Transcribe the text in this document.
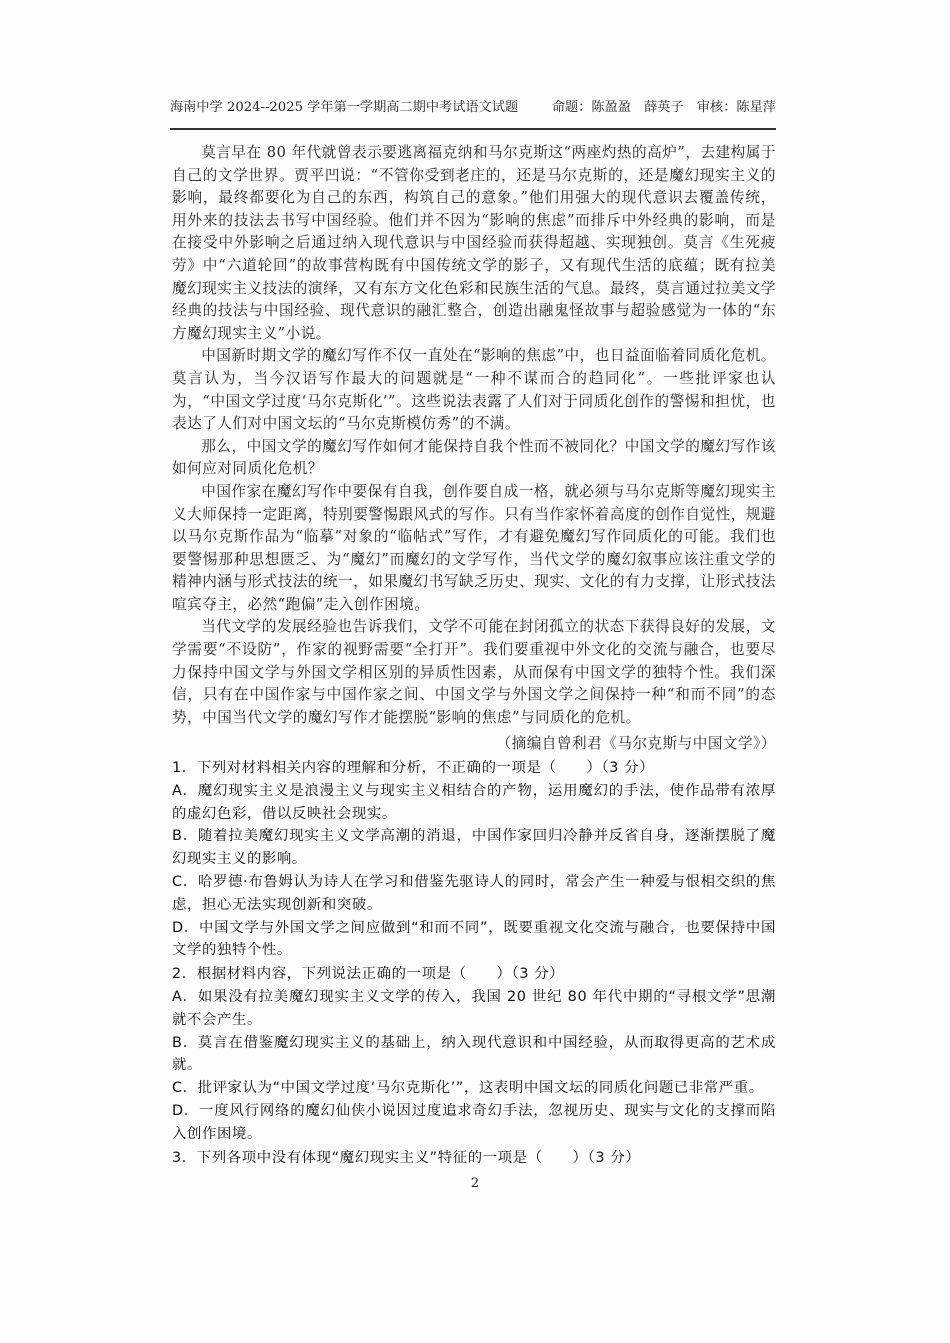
海南中学 2024--2025 学年第一学期高二期中考试语文试题	命题：陈盈盈　薛英子　审核：陈星萍

莫言早在 80 年代就曾表示要逃离福克纳和马尔克斯这“两座灼热的高炉”，去建构属于自己的文学世界。贾平凹说：“不管你受到老庄的，还是马尔克斯的，还是魔幻现实主义的影响，最终都要化为自己的东西，构筑自己的意象。”他们用强大的现代意识去覆盖传统，用外来的技法去书写中国经验。他们并不因为“影响的焦虑”而排斥中外经典的影响，而是在接受中外影响之后通过纳入现代意识与中国经验而获得超越、实现独创。莫言《生死疲劳》中“六道轮回”的故事营构既有中国传统文学的影子，又有现代生活的底蕴；既有拉美魔幻现实主义技法的演绎，又有东方文化色彩和民族生活的气息。最终，莫言通过拉美文学经典的技法与中国经验、现代意识的融汇整合，创造出融鬼怪故事与超验感觉为一体的“东方魔幻现实主义”小说。

中国新时期文学的魔幻写作不仅一直处在“影响的焦虑”中，也日益面临着同质化危机。莫言认为，当今汉语写作最大的问题就是“一种不谋而合的趋同化”。一些批评家也认为，“中国文学过度‘马尔克斯化’”。这些说法表露了人们对于同质化创作的警惕和担忧，也表达了人们对中国文坛的“马尔克斯模仿秀”的不满。

那么，中国文学的魔幻写作如何才能保持自我个性而不被同化？中国文学的魔幻写作该如何应对同质化危机？

中国作家在魔幻写作中要保有自我，创作要自成一格，就必须与马尔克斯等魔幻现实主义大师保持一定距离，特别要警惕跟风式的写作。只有当作家怀着高度的创作自觉性，规避以马尔克斯作品为“临摹”对象的“临帖式”写作，才有避免魔幻写作同质化的可能。我们也要警惕那种思想匮乏、为“魔幻”而魔幻的文学写作，当代文学的魔幻叙事应该注重文学的精神内涵与形式技法的统一，如果魔幻书写缺乏历史、现实、文化的有力支撑，让形式技法喧宾夺主，必然“跑偏”走入创作困境。

当代文学的发展经验也告诉我们，文学不可能在封闭孤立的状态下获得良好的发展，文学需要“不设防”，作家的视野需要“全打开”。我们要重视中外文化的交流与融合，也要尽力保持中国文学与外国文学相区别的异质性因素，从而保有中国文学的独特个性。我们深信，只有在中国作家与中国作家之间、中国文学与外国文学之间保持一种“和而不同”的态势，中国当代文学的魔幻写作才能摆脱“影响的焦虑”与同质化的危机。

（摘编自曾利君《马尔克斯与中国文学》）

1．下列对材料相关内容的理解和分析，不正确的一项是（　　）（3 分）

A．魔幻现实主义是浪漫主义与现实主义相结合的产物，运用魔幻的手法，使作品带有浓厚的虚幻色彩，借以反映社会现实。

B．随着拉美魔幻现实主义文学高潮的消退，中国作家回归冷静并反省自身，逐渐摆脱了魔幻现实主义的影响。

C．哈罗德·布鲁姆认为诗人在学习和借鉴先驱诗人的同时，常会产生一种爱与恨相交织的焦虑，担心无法实现创新和突破。

D．中国文学与外国文学之间应做到“和而不同”，既要重视文化交流与融合，也要保持中国文学的独特个性。

2．根据材料内容，下列说法正确的一项是（　　）（3 分）

A．如果没有拉美魔幻现实主义文学的传入，我国 20 世纪 80 年代中期的“寻根文学”思潮就不会产生。

B．莫言在借鉴魔幻现实主义的基础上，纳入现代意识和中国经验，从而取得更高的艺术成就。

C．批评家认为“中国文学过度‘马尔克斯化’”，这表明中国文坛的同质化问题已非常严重。

D．一度风行网络的魔幻仙侠小说因过度追求奇幻手法，忽视历史、现实与文化的支撑而陷入创作困境。

3．下列各项中没有体现“魔幻现实主义”特征的一项是（　　）（3 分）

2
